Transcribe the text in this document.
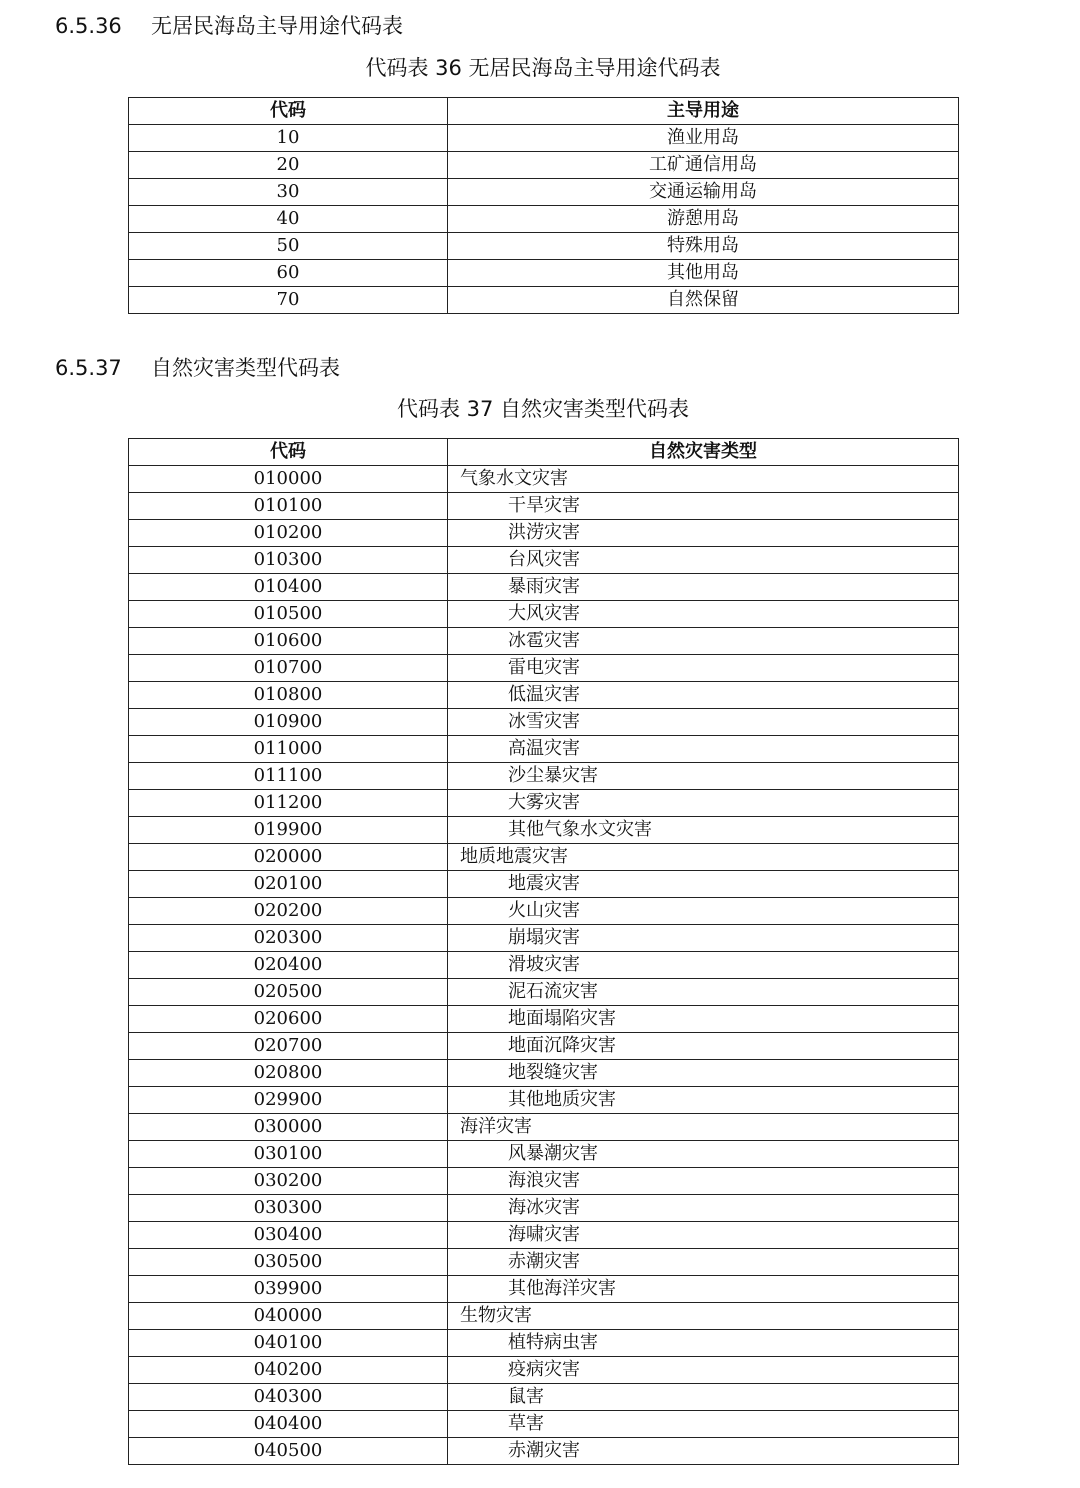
6.5.36 无居民海岛主导用途代码表
代码表 36 无居民海岛主导用途代码表
代码	主导用途
10	渔业用岛
20	工矿通信用岛
30	交通运输用岛
40	游憩用岛
50	特殊用岛
60	其他用岛
70	自然保留
6.5.37 自然灾害类型代码表
代码表 37 自然灾害类型代码表
代码	自然灾害类型
010000	气象水文灾害
010100	干旱灾害
010200	洪涝灾害
010300	台风灾害
010400	暴雨灾害
010500	大风灾害
010600	冰雹灾害
010700	雷电灾害
010800	低温灾害
010900	冰雪灾害
011000	高温灾害
011100	沙尘暴灾害
011200	大雾灾害
019900	其他气象水文灾害
020000	地质地震灾害
020100	地震灾害
020200	火山灾害
020300	崩塌灾害
020400	滑坡灾害
020500	泥石流灾害
020600	地面塌陷灾害
020700	地面沉降灾害
020800	地裂缝灾害
029900	其他地质灾害
030000	海洋灾害
030100	风暴潮灾害
030200	海浪灾害
030300	海冰灾害
030400	海啸灾害
030500	赤潮灾害
039900	其他海洋灾害
040000	生物灾害
040100	植特病虫害
040200	疫病灾害
040300	鼠害
040400	草害
040500	赤潮灾害
